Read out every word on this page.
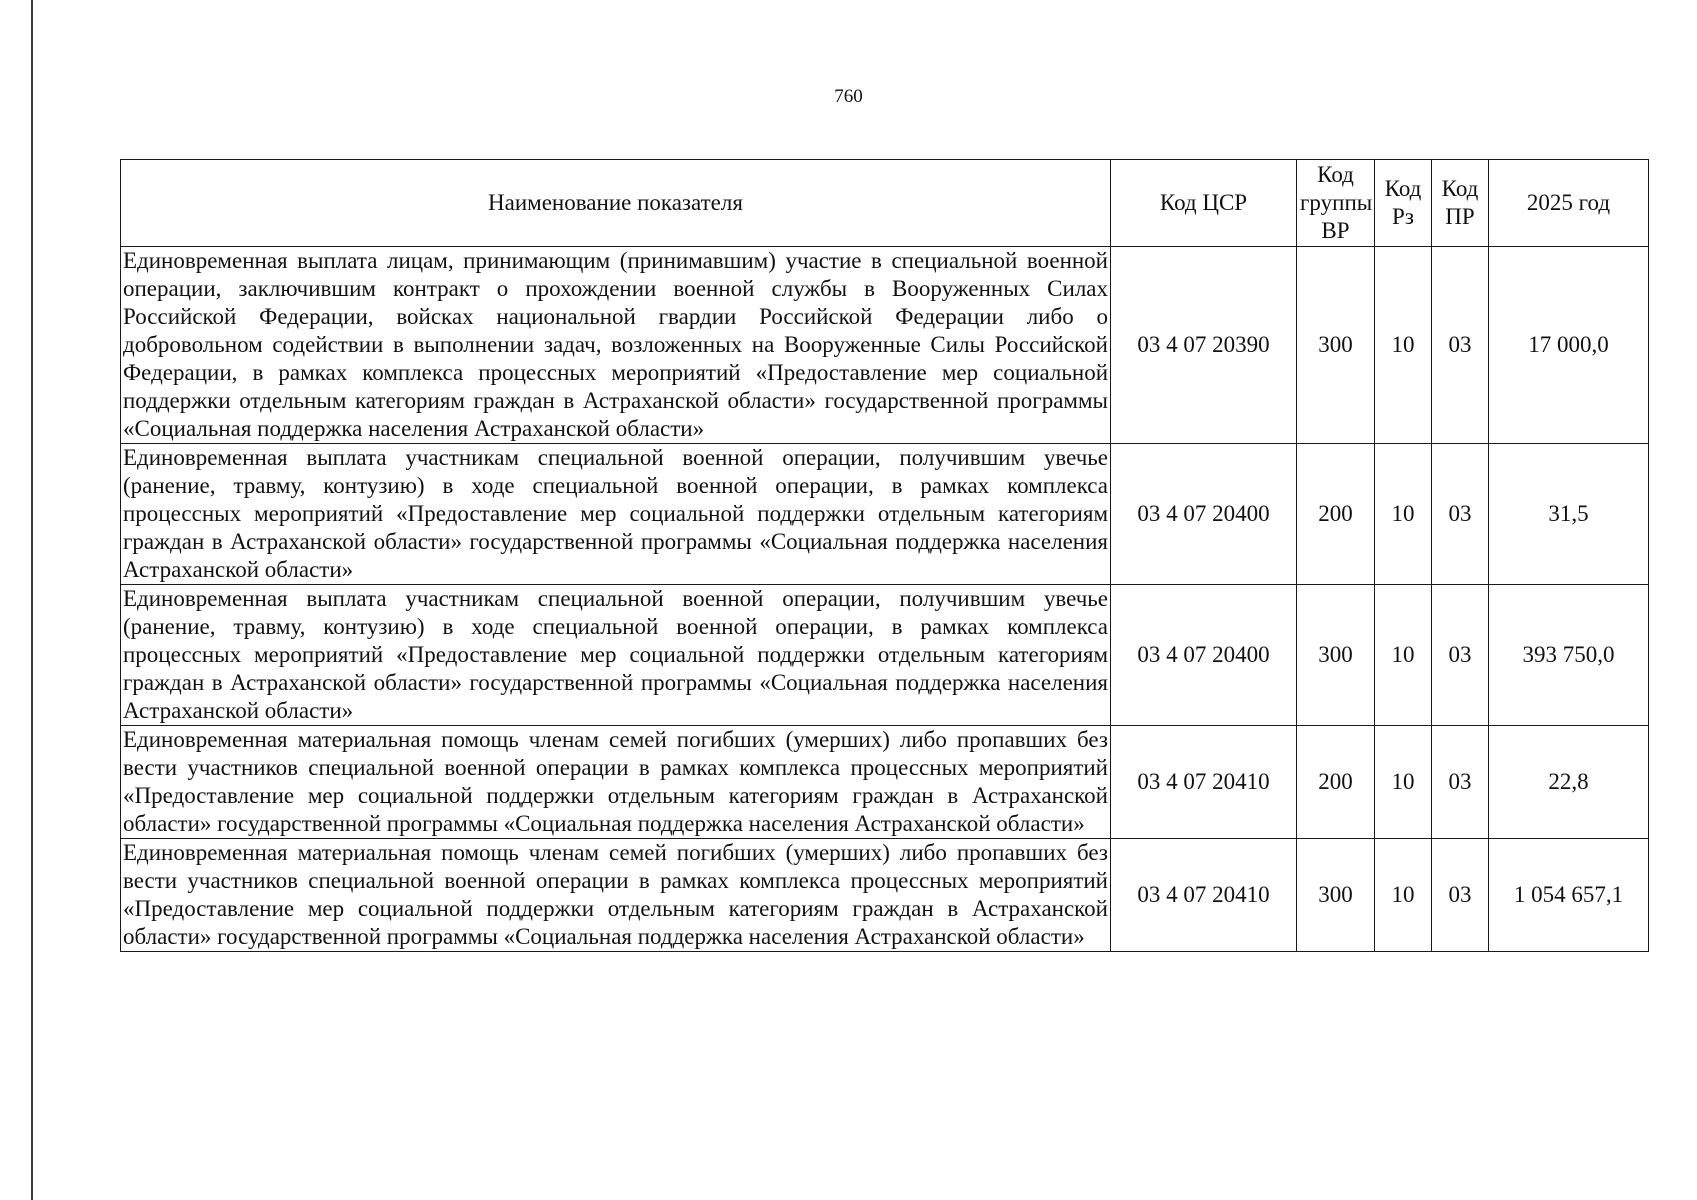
760
Наименование показателя	Код ЦСР	Код группы ВР	Код Рз	Код ПР	2025 год
Единовременная выплата лицам, принимающим (принимавшим) участие в специальной военной операции, заключившим контракт о прохождении военной службы в Вооруженных Силах Российской Федерации, войсках национальной гвардии Российской Федерации либо о добровольном содействии в выполнении задач, возложенных на Вооруженные Силы Российской Федерации, в рамках комплекса процессных мероприятий «Предоставление мер социальной поддержки отдельным категориям граждан в Астраханской области» государственной программы «Социальная поддержка населения Астраханской области»	03 4 07 20390	300	10	03	17 000,0
Единовременная выплата участникам специальной военной операции, получившим увечье (ранение, травму, контузию) в ходе специальной военной операции, в рамках комплекса процессных мероприятий «Предоставление мер социальной поддержки отдельным категориям граждан в Астраханской области» государственной программы «Социальная поддержка населения Астраханской области»	03 4 07 20400	200	10	03	31,5
Единовременная выплата участникам специальной военной операции, получившим увечье (ранение, травму, контузию) в ходе специальной военной операции, в рамках комплекса процессных мероприятий «Предоставление мер социальной поддержки отдельным категориям граждан в Астраханской области» государственной программы «Социальная поддержка населения Астраханской области»	03 4 07 20400	300	10	03	393 750,0
Единовременная материальная помощь членам семей погибших (умерших) либо пропавших без вести участников специальной военной операции в рамках комплекса процессных мероприятий «Предоставление мер социальной поддержки отдельным категориям граждан в Астраханской области» государственной программы «Социальная поддержка населения Астраханской области»	03 4 07 20410	200	10	03	22,8
Единовременная материальная помощь членам семей погибших (умерших) либо пропавших без вести участников специальной военной операции в рамках комплекса процессных мероприятий «Предоставление мер социальной поддержки отдельным категориям граждан в Астраханской области» государственной программы «Социальная поддержка населения Астраханской области»	03 4 07 20410	300	10	03	1 054 657,1
